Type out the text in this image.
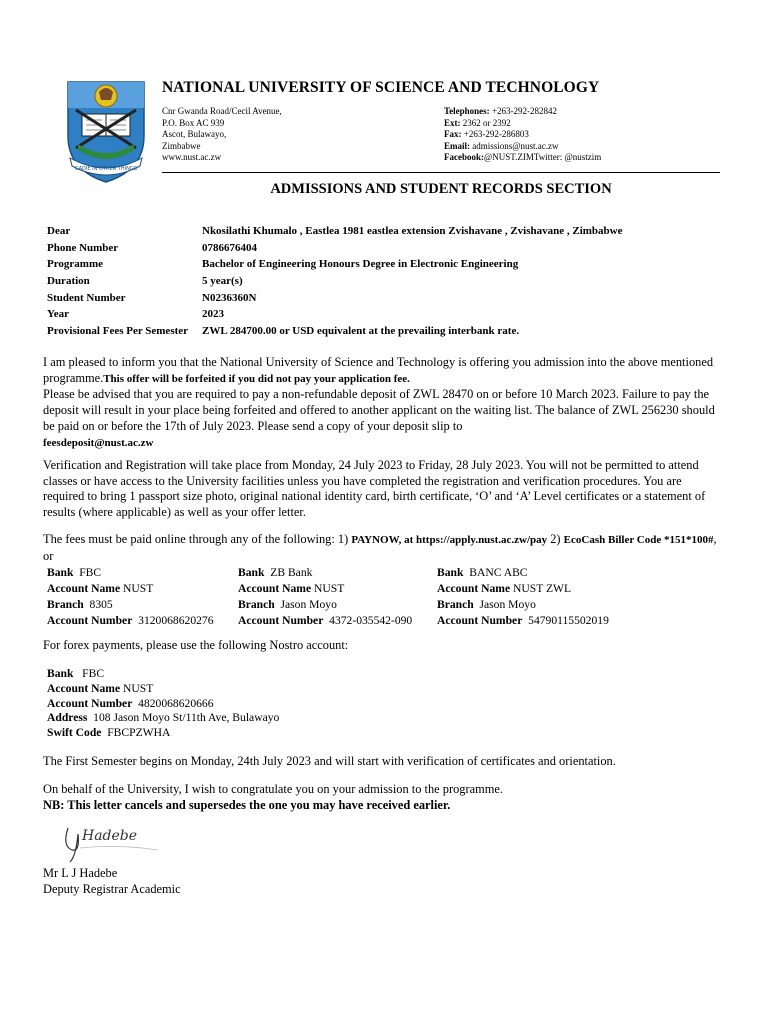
CADIE IN OTHER THINGS
NATIONAL UNIVERSITY OF SCIENCE AND TECHNOLOGY
Cnr Gwanda Road/Cecil Avenue,
P.O. Box AC 939
Ascot, Bulawayo,
Zimbabwe
www.nust.ac.zw
Telephones: +263-292-282842
Ext: 2362 or 2392
Fax: +263-292-286803
Email: admissions@nust.ac.zw
Facebook:@NUST.ZIMTwitter: @nustzim
ADMISSIONS AND STUDENT RECORDS SECTION
Dear	Nkosilathi Khumalo , Eastlea 1981 eastlea extension Zvishavane , Zvishavane , Zimbabwe
Phone Number	0786676404
Programme	Bachelor of Engineering Honours Degree in Electronic Engineering
Duration	5 year(s)
Student Number	N0236360N
Year	2023
Provisional Fees Per Semester ZWL 284700.00 or USD equivalent at the prevailing interbank rate.
I am pleased to inform you that the National University of Science and Technology is offering you admission into the above mentioned programme.This offer will be forfeited if you did not pay your application fee.
Please be advised that you are required to pay a non-refundable deposit of ZWL 28470 on or before 10 March 2023. Failure to pay the deposit will result in your place being forfeited and offered to another applicant on the waiting list. The balance of ZWL 256230 should be paid on or before the 17th of July 2023. Please send a copy of your deposit slip to
feesdeposit@nust.ac.zw
Verification and Registration will take place from Monday, 24 July 2023 to Friday, 28 July 2023. You will not be permitted to attend classes or have access to the University facilities unless you have completed the registration and verification procedures. You are required to bring 1 passport size photo, original national identity card, birth certificate, ‘O’ and ‘A’ Level certificates or a statement of results (where applicable) as well as your offer letter.
The fees must be paid online through any of the following: 1) PAYNOW, at https://apply.nust.ac.zw/pay 2) EcoCash Biller Code *151*100#, or
Bank FBC
Account Name NUST
Branch 8305
Account Number 3120068620276
Bank ZB Bank
Account Name NUST
Branch Jason Moyo
Account Number 4372-035542-090
Bank BANC ABC
Account Name NUST ZWL
Branch Jason Moyo
Account Number 54790115502019
For forex payments, please use the following Nostro account:
Bank FBC
Account Name NUST
Account Number 4820068620666
Address 108 Jason Moyo St/11th Ave, Bulawayo
Swift Code FBCPZWHA
The First Semester begins on Monday, 24th July 2023 and will start with verification of certificates and orientation.
On behalf of the University, I wish to congratulate you on your admission to the programme.
NB: This letter cancels and supersedes the one you may have received earlier.
Hadebe
Mr L J Hadebe
Deputy Registrar Academic
